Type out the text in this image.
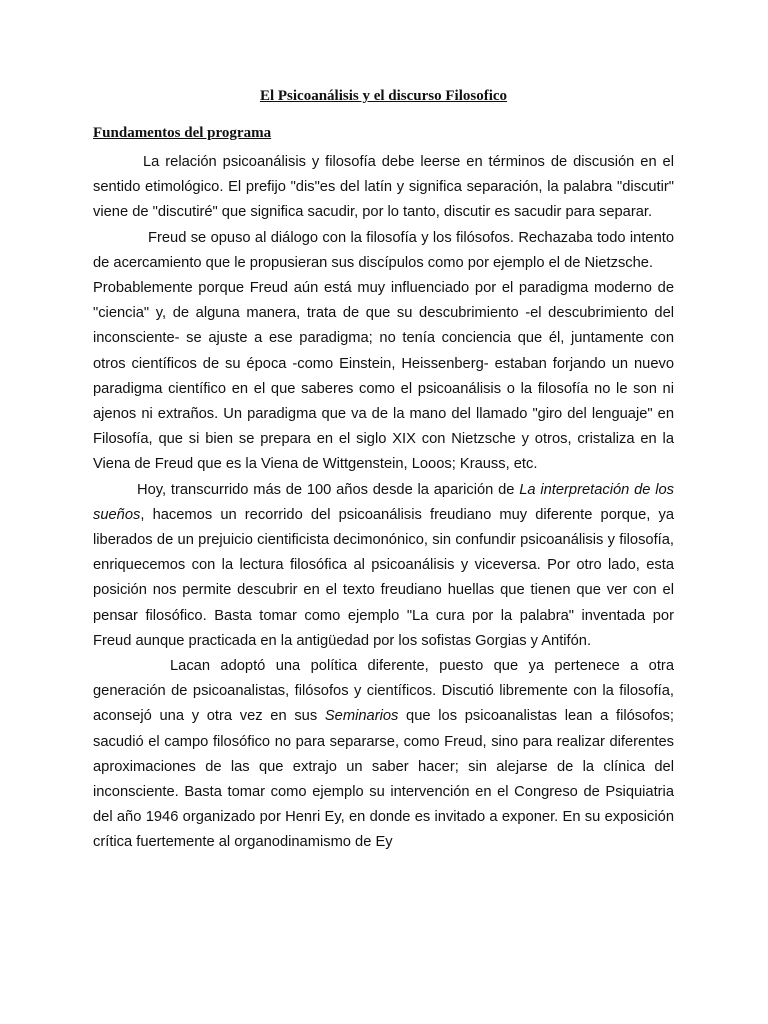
El Psicoanálisis y el discurso Filosofico
Fundamentos del programa

La relación psicoanálisis y filosofía debe leerse en términos de discusión en el sentido etimológico. El prefijo "dis"es del latín y significa separación, la palabra "discutir" viene de "discutiré" que significa sacudir, por lo tanto, discutir es sacudir para separar.

Freud se opuso al diálogo con la filosofía y los filósofos. Rechazaba todo intento de acercamiento que le propusieran sus discípulos como por ejemplo el de Nietzsche.

Probablemente porque Freud aún está muy influenciado por el paradigma moderno de "ciencia" y, de alguna manera, trata de que su descubrimiento -el descubrimiento del inconsciente- se ajuste a ese paradigma; no tenía conciencia que él, juntamente con otros científicos de su época -como Einstein, Heissenberg- estaban forjando un nuevo paradigma científico en el que saberes como el psicoanálisis o la filosofía no le son ni ajenos ni extraños. Un paradigma que va de la mano del llamado "giro del lenguaje" en Filosofía, que si bien se prepara en el siglo XIX con Nietzsche y otros, cristaliza en la Viena de Freud que es la Viena de Wittgenstein, Looos; Krauss, etc.

Hoy, transcurrido más de 100 años desde la aparición de La interpretación de los sueños, hacemos un recorrido del psicoanálisis freudiano muy diferente porque, ya liberados de un prejuicio cientificista decimonónico, sin confundir psicoanálisis y filosofía, enriquecemos con la lectura filosófica al psicoanálisis y viceversa. Por otro lado, esta posición nos permite descubrir en el texto freudiano huellas que tienen que ver con el pensar filosófico. Basta tomar como ejemplo "La cura por la palabra" inventada por Freud aunque practicada en la antigüedad por los sofistas Gorgias y Antifón.

Lacan adoptó una política diferente, puesto que ya pertenece a otra generación de psicoanalistas, filósofos y científicos. Discutió libremente con la filosofía, aconsejó una y otra vez en sus Seminarios que los psicoanalistas lean a filósofos; sacudió el campo filosófico no para separarse, como Freud, sino para realizar diferentes aproximaciones de las que extrajo un saber hacer; sin alejarse de la clínica del inconsciente. Basta tomar como ejemplo su intervención en el Congreso de Psiquiatria del año 1946 organizado por Henri Ey, en donde es invitado a exponer. En su exposición crítica fuertemente al organodinamismo de Ey
